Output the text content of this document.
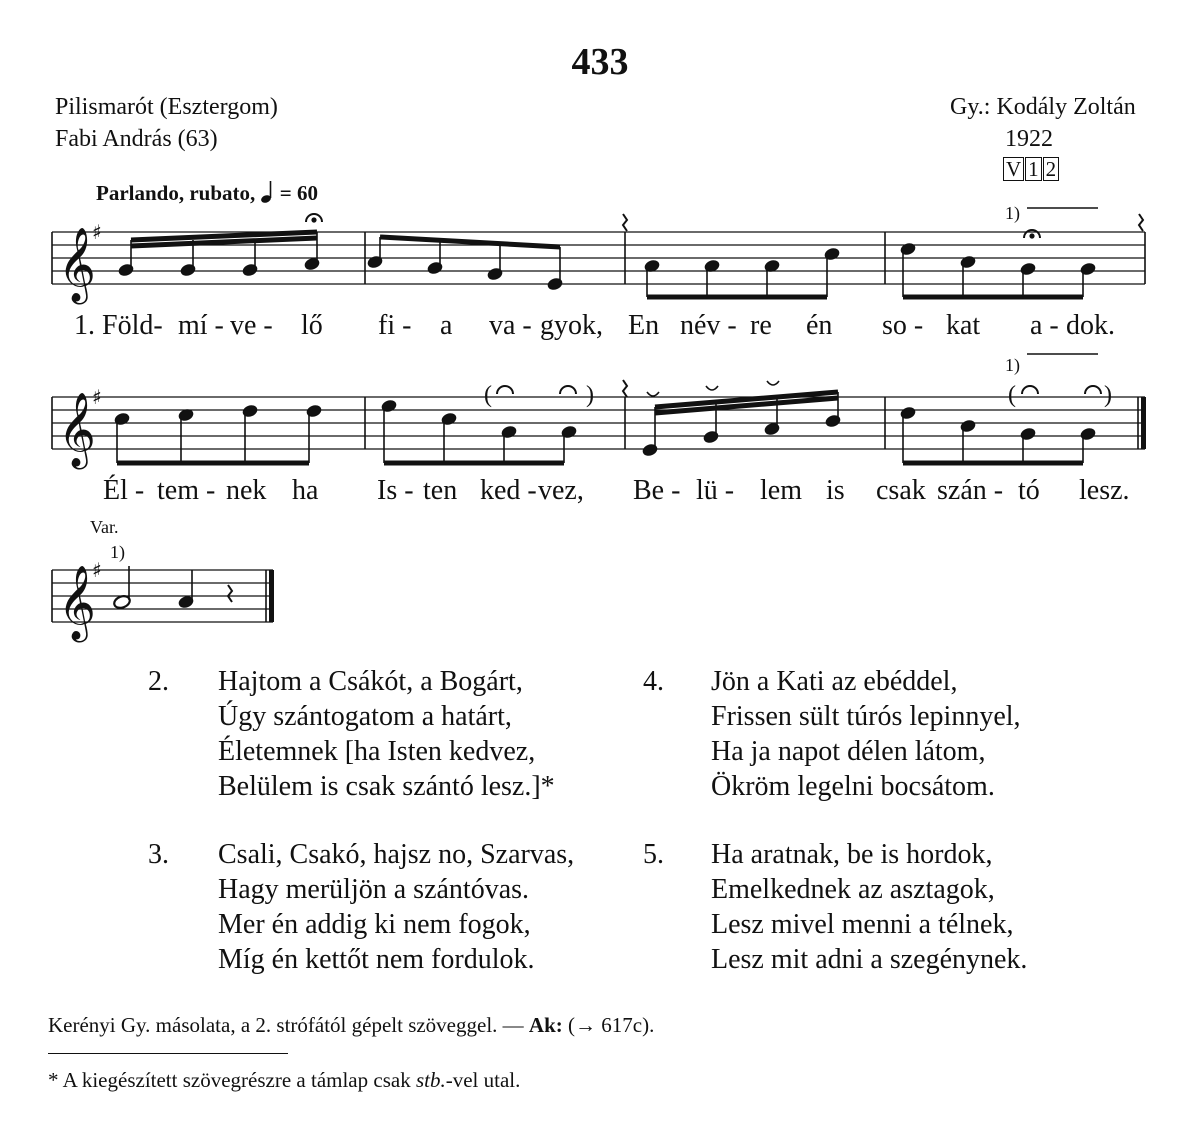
433
Pilismarót (Esztergom)
Fabi András (63)
Gy.: Kodály Zoltán
1922
V 1 2
Parlando, rubato, = 60
1)
1)
Var.
1)
𝄞
𝄞
𝄞
♯
♯
♯
(	)	(	)
1. Föld- mí - ve - lő fi - a va - gyok, En név - re én so - kat a - dok.
Él - tem - nek ha Is - ten ked - vez, Be - lü - lem is csak szán - tó lesz.
2. Hajtom a Csákót, a Bogárt,
Úgy szántogatom a határt,
Életemnek [ha Isten kedvez,
Belülem is csak szántó lesz.]*
3. Csali, Csakó, hajsz no, Szarvas,
Hagy merüljön a szántóvas.
Mer én addig ki nem fogok,
Míg én kettőt nem fordulok.
4. Jön a Kati az ebéddel,
Frissen sült túrós lepinnyel,
Ha ja napot délen látom,
Ökröm legelni bocsátom.
5. Ha aratnak, be is hordok,
Emelkednek az asztagok,
Lesz mivel menni a télnek,
Lesz mit adni a szegénynek.
Kerényi Gy. másolata, a 2. strófától gépelt szöveggel. — Ak: (→ 617c).
* A kiegészített szövegrészre a támlap csak stb.-vel utal.
